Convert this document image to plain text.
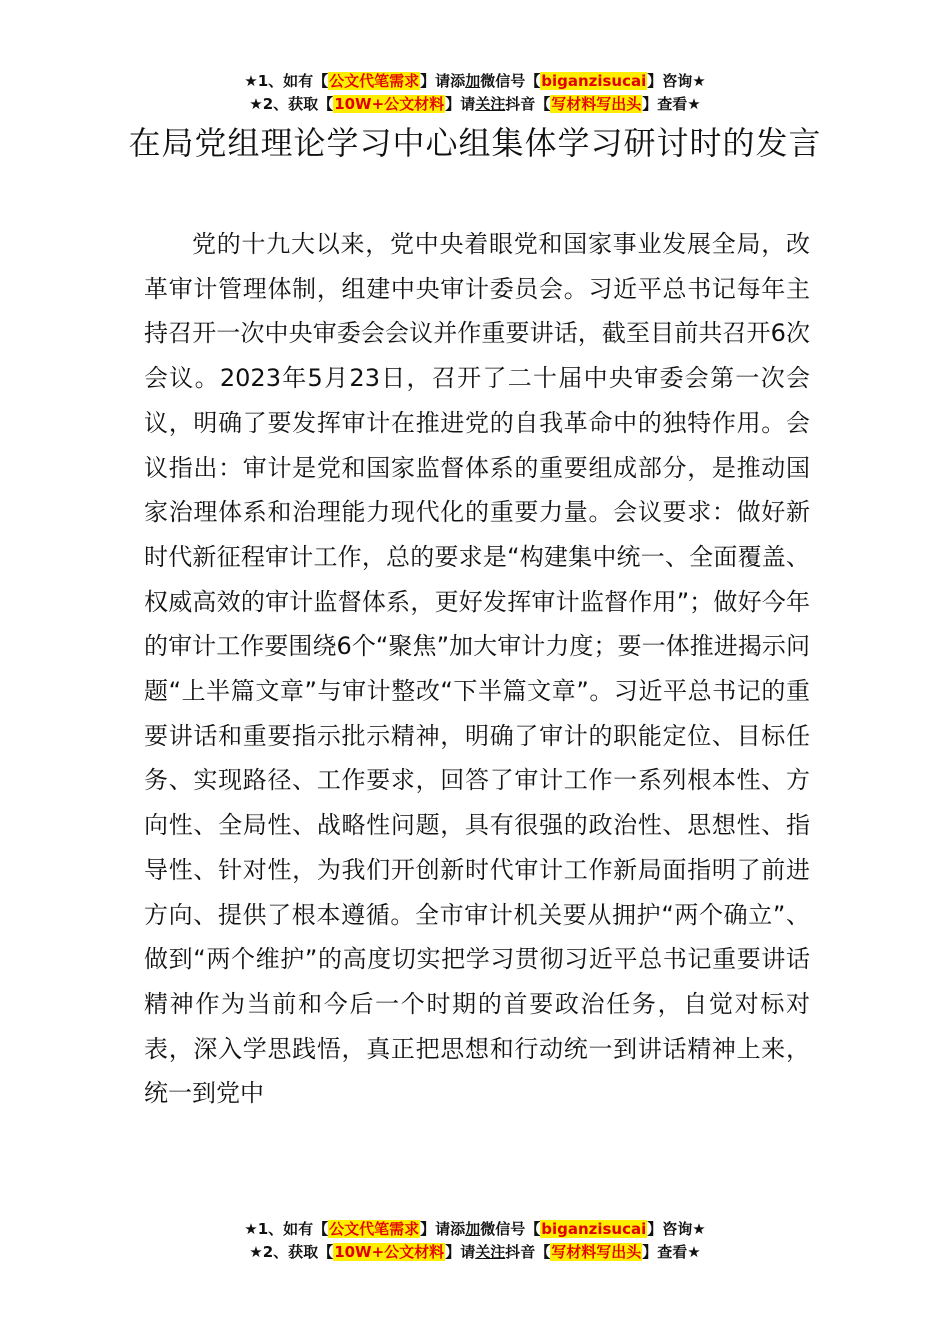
★1、如有【公文代笔需求】请添加微信号【biganzisucai】咨询★
★2、获取【10W+公文材料】请关注抖音【写材料写出头】查看★
在局党组理论学习中心组集体学习研讨时的发言

党的十九大以来，党中央着眼党和国家事业发展全局，改革审计管理体制，组建中央审计委员会。习近平总书记每年主持召开一次中央审委会会议并作重要讲话，截至目前共召开6次会议。2023年5月23日，召开了二十届中央审委会第一次会议，明确了要发挥审计在推进党的自我革命中的独特作用。会议指出：审计是党和国家监督体系的重要组成部分，是推动国家治理体系和治理能力现代化的重要力量。会议要求：做好新时代新征程审计工作，总的要求是“构建集中统一、全面覆盖、权威高效的审计监督体系，更好发挥审计监督作用”；做好今年的审计工作要围绕6个“聚焦”加大审计力度；要一体推进揭示问题“上半篇文章”与审计整改“下半篇文章”。习近平总书记的重要讲话和重要指示批示精神，明确了审计的职能定位、目标任务、实现路径、工作要求，回答了审计工作一系列根本性、方向性、全局性、战略性问题，具有很强的政治性、思想性、指导性、针对性，为我们开创新时代审计工作新局面指明了前进方向、提供了根本遵循。全市审计机关要从拥护“两个确立”、做到“两个维护”的高度切实把学习贯彻习近平总书记重要讲话精神作为当前和今后一个时期的首要政治任务，自觉对标对表，深入学思践悟，真正把思想和行动统一到讲话精神上来，统一到党中

★1、如有【公文代笔需求】请添加微信号【biganzisucai】咨询★
★2、获取【10W+公文材料】请关注抖音【写材料写出头】查看★
